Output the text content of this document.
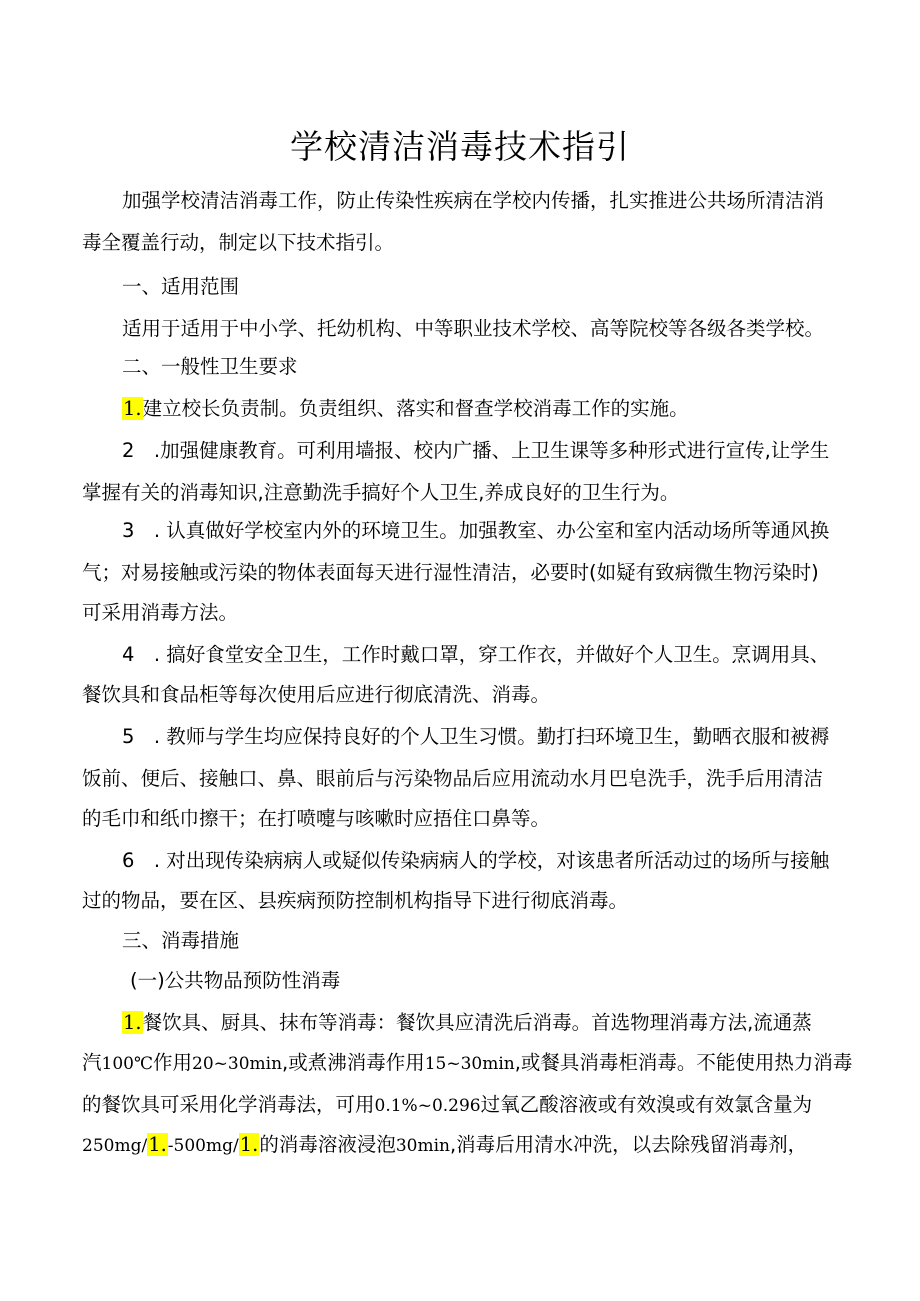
学校清洁消毒技术指引

加强学校清洁消毒工作，防止传染性疾病在学校内传播，扎实推进公共场所清洁消

毒全覆盖行动，制定以下技术指引。

一、适用范围

适用于适用于中小学、托幼机构、中等职业技术学校、高等院校等各级各类学校。

二、一般性卫生要求

1.建立校长负责制。负责组织、落实和督查学校消毒工作的实施。

2　.加强健康教育。可利用墙报、校内广播、上卫生课等多种形式进行宣传,让学生

掌握有关的消毒知识,注意勤洗手搞好个人卫生,养成良好的卫生行为。

3　. 认真做好学校室内外的环境卫生。加强教室、办公室和室内活动场所等通风换

气；对易接触或污染的物体表面每天进行湿性清洁，必要时(如疑有致病微生物污染时)

可采用消毒方法。

4　. 搞好食堂安全卫生，工作时戴口罩，穿工作衣，并做好个人卫生。烹调用具、

餐饮具和食品柜等每次使用后应进行彻底清洗、消毒。

5　. 教师与学生均应保持良好的个人卫生习惯。勤打扫环境卫生，勤晒衣服和被褥

饭前、便后、接触口、鼻、眼前后与污染物品后应用流动水月巴皂洗手，洗手后用清洁

的毛巾和纸巾擦干；在打喷嚏与咳嗽时应捂住口鼻等。

6　. 对出现传染病病人或疑似传染病病人的学校，对该患者所活动过的场所与接触

过的物品，要在区、县疾病预防控制机构指导下进行彻底消毒。

三、消毒措施

(一)公共物品预防性消毒

1.餐饮具、厨具、抹布等消毒：餐饮具应清洗后消毒。首选物理消毒方法,流通蒸

汽100℃作用20~30min,或煮沸消毒作用15~30min,或餐具消毒柜消毒。不能使用热力消毒

的餐饮具可采用化学消毒法，可用0.1%~0.296过氧乙酸溶液或有效溴或有效氯含量为

250mg/1.-500mg/1.的消毒溶液浸泡30min,消毒后用清水冲洗，以去除残留消毒剂，
